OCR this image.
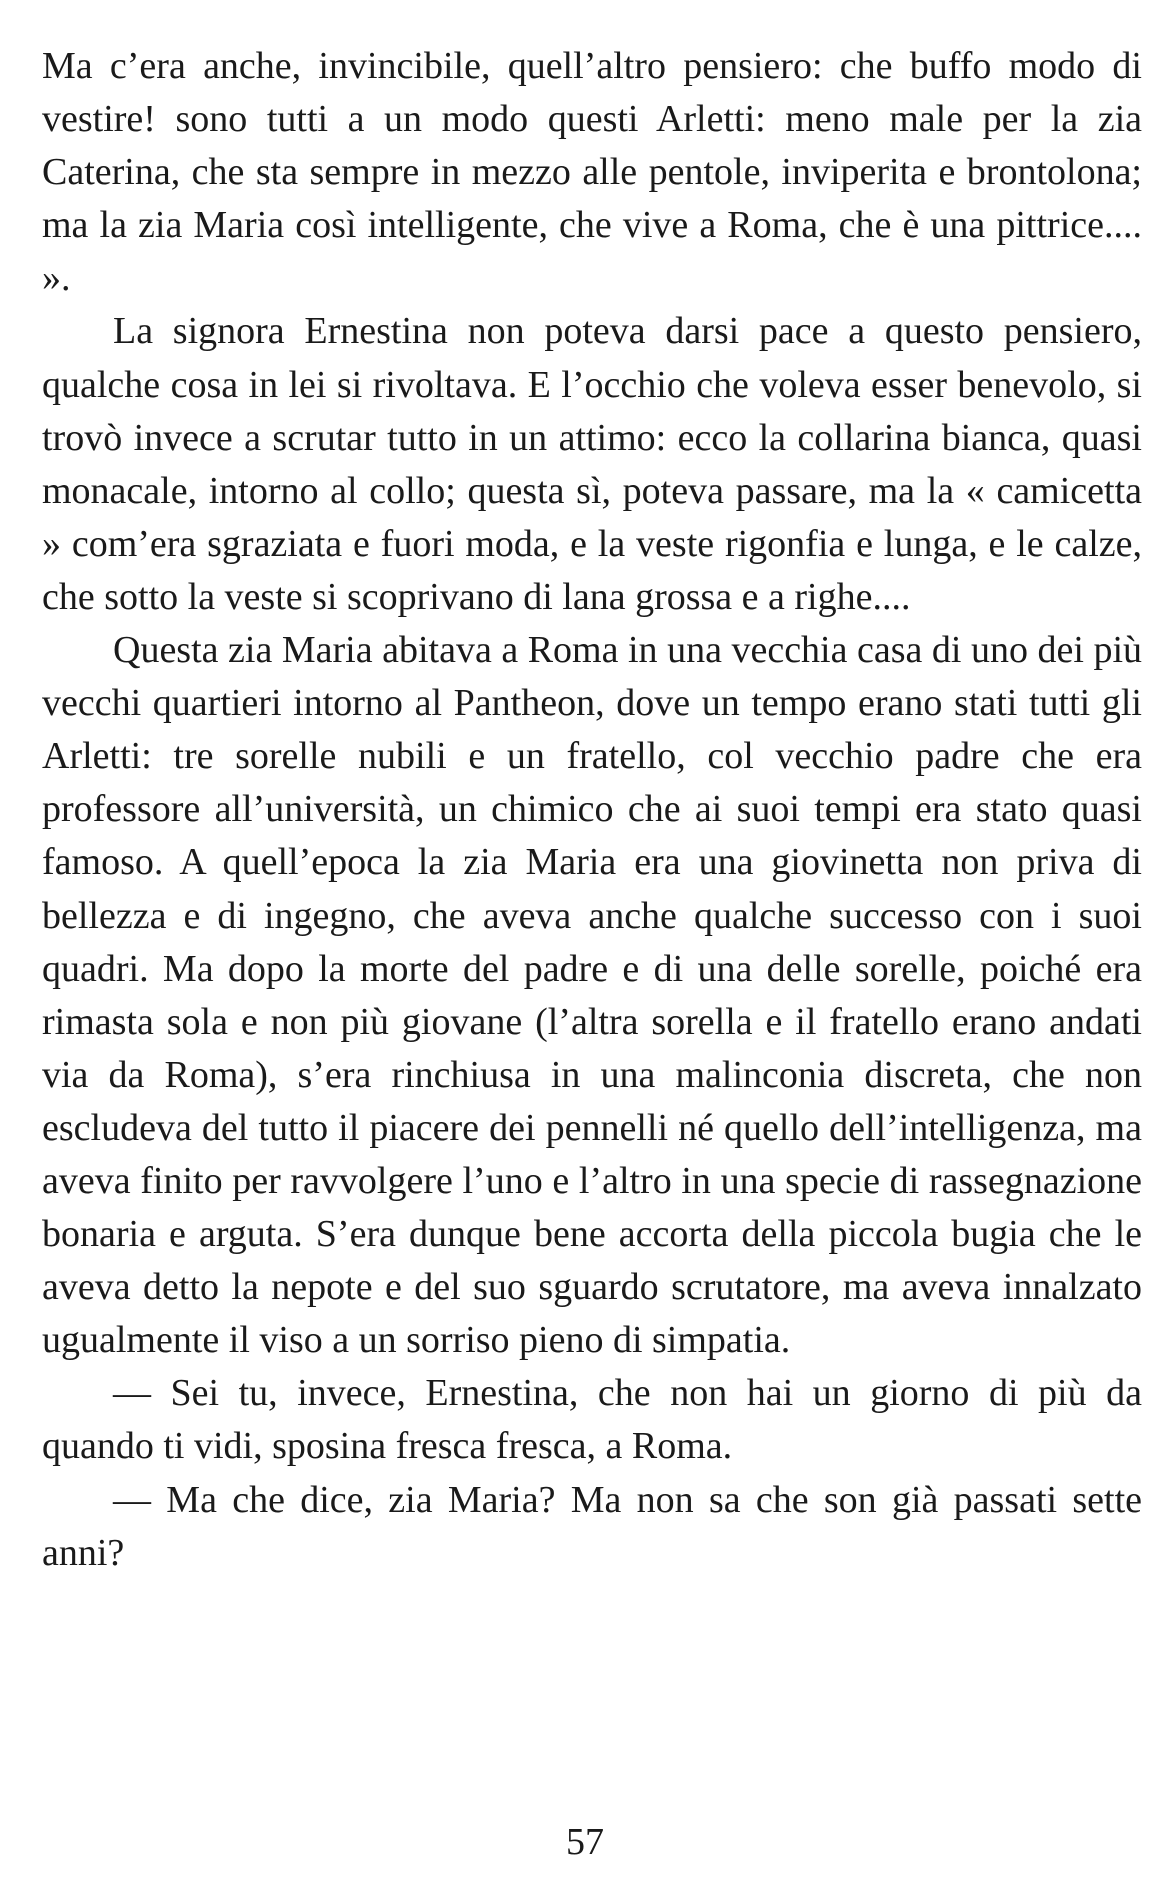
Ma c’era anche, invincibile, quell’altro pensiero: che buffo modo di vestire! sono tutti a un modo questi Arletti: meno male per la zia Caterina, che sta sempre in mezzo alle pentole, inviperita e brontolona; ma la zia Maria così intelligente, che vive a Roma, che è una pittrice.... ».

La signora Ernestina non poteva darsi pace a questo pensiero, qualche cosa in lei si rivoltava. E l’occhio che voleva esser benevolo, si trovò invece a scrutar tutto in un attimo: ecco la collarina bianca, quasi monacale, intorno al collo; questa sì, poteva passare, ma la « camicetta » com’era sgraziata e fuori moda, e la veste rigonfia e lunga, e le calze, che sotto la veste si scoprivano di lana grossa e a righe....

Questa zia Maria abitava a Roma in una vecchia casa di uno dei più vecchi quartieri intorno al Pantheon, dove un tempo erano stati tutti gli Arletti: tre sorelle nubili e un fratello, col vecchio padre che era professore all’università, un chimico che ai suoi tempi era stato quasi famoso. A quell’epoca la zia Maria era una giovinetta non priva di bellezza e di ingegno, che aveva anche qualche successo con i suoi quadri. Ma dopo la morte del padre e di una delle sorelle, poiché era rimasta sola e non più giovane (l’altra sorella e il fratello erano andati via da Roma), s’era rinchiusa in una malinconia discreta, che non escludeva del tutto il piacere dei pennelli né quello dell’intelligenza, ma aveva finito per ravvolgere l’uno e l’altro in una specie di rassegnazione bonaria e arguta. S’era dunque bene accorta della piccola bugia che le aveva detto la nepote e del suo sguardo scrutatore, ma aveva innalzato ugualmente il viso a un sorriso pieno di simpatia.

— Sei tu, invece, Ernestina, che non hai un giorno di più da quando ti vidi, sposina fresca fresca, a Roma.

— Ma che dice, zia Maria? Ma non sa che son già passati sette anni?

57
